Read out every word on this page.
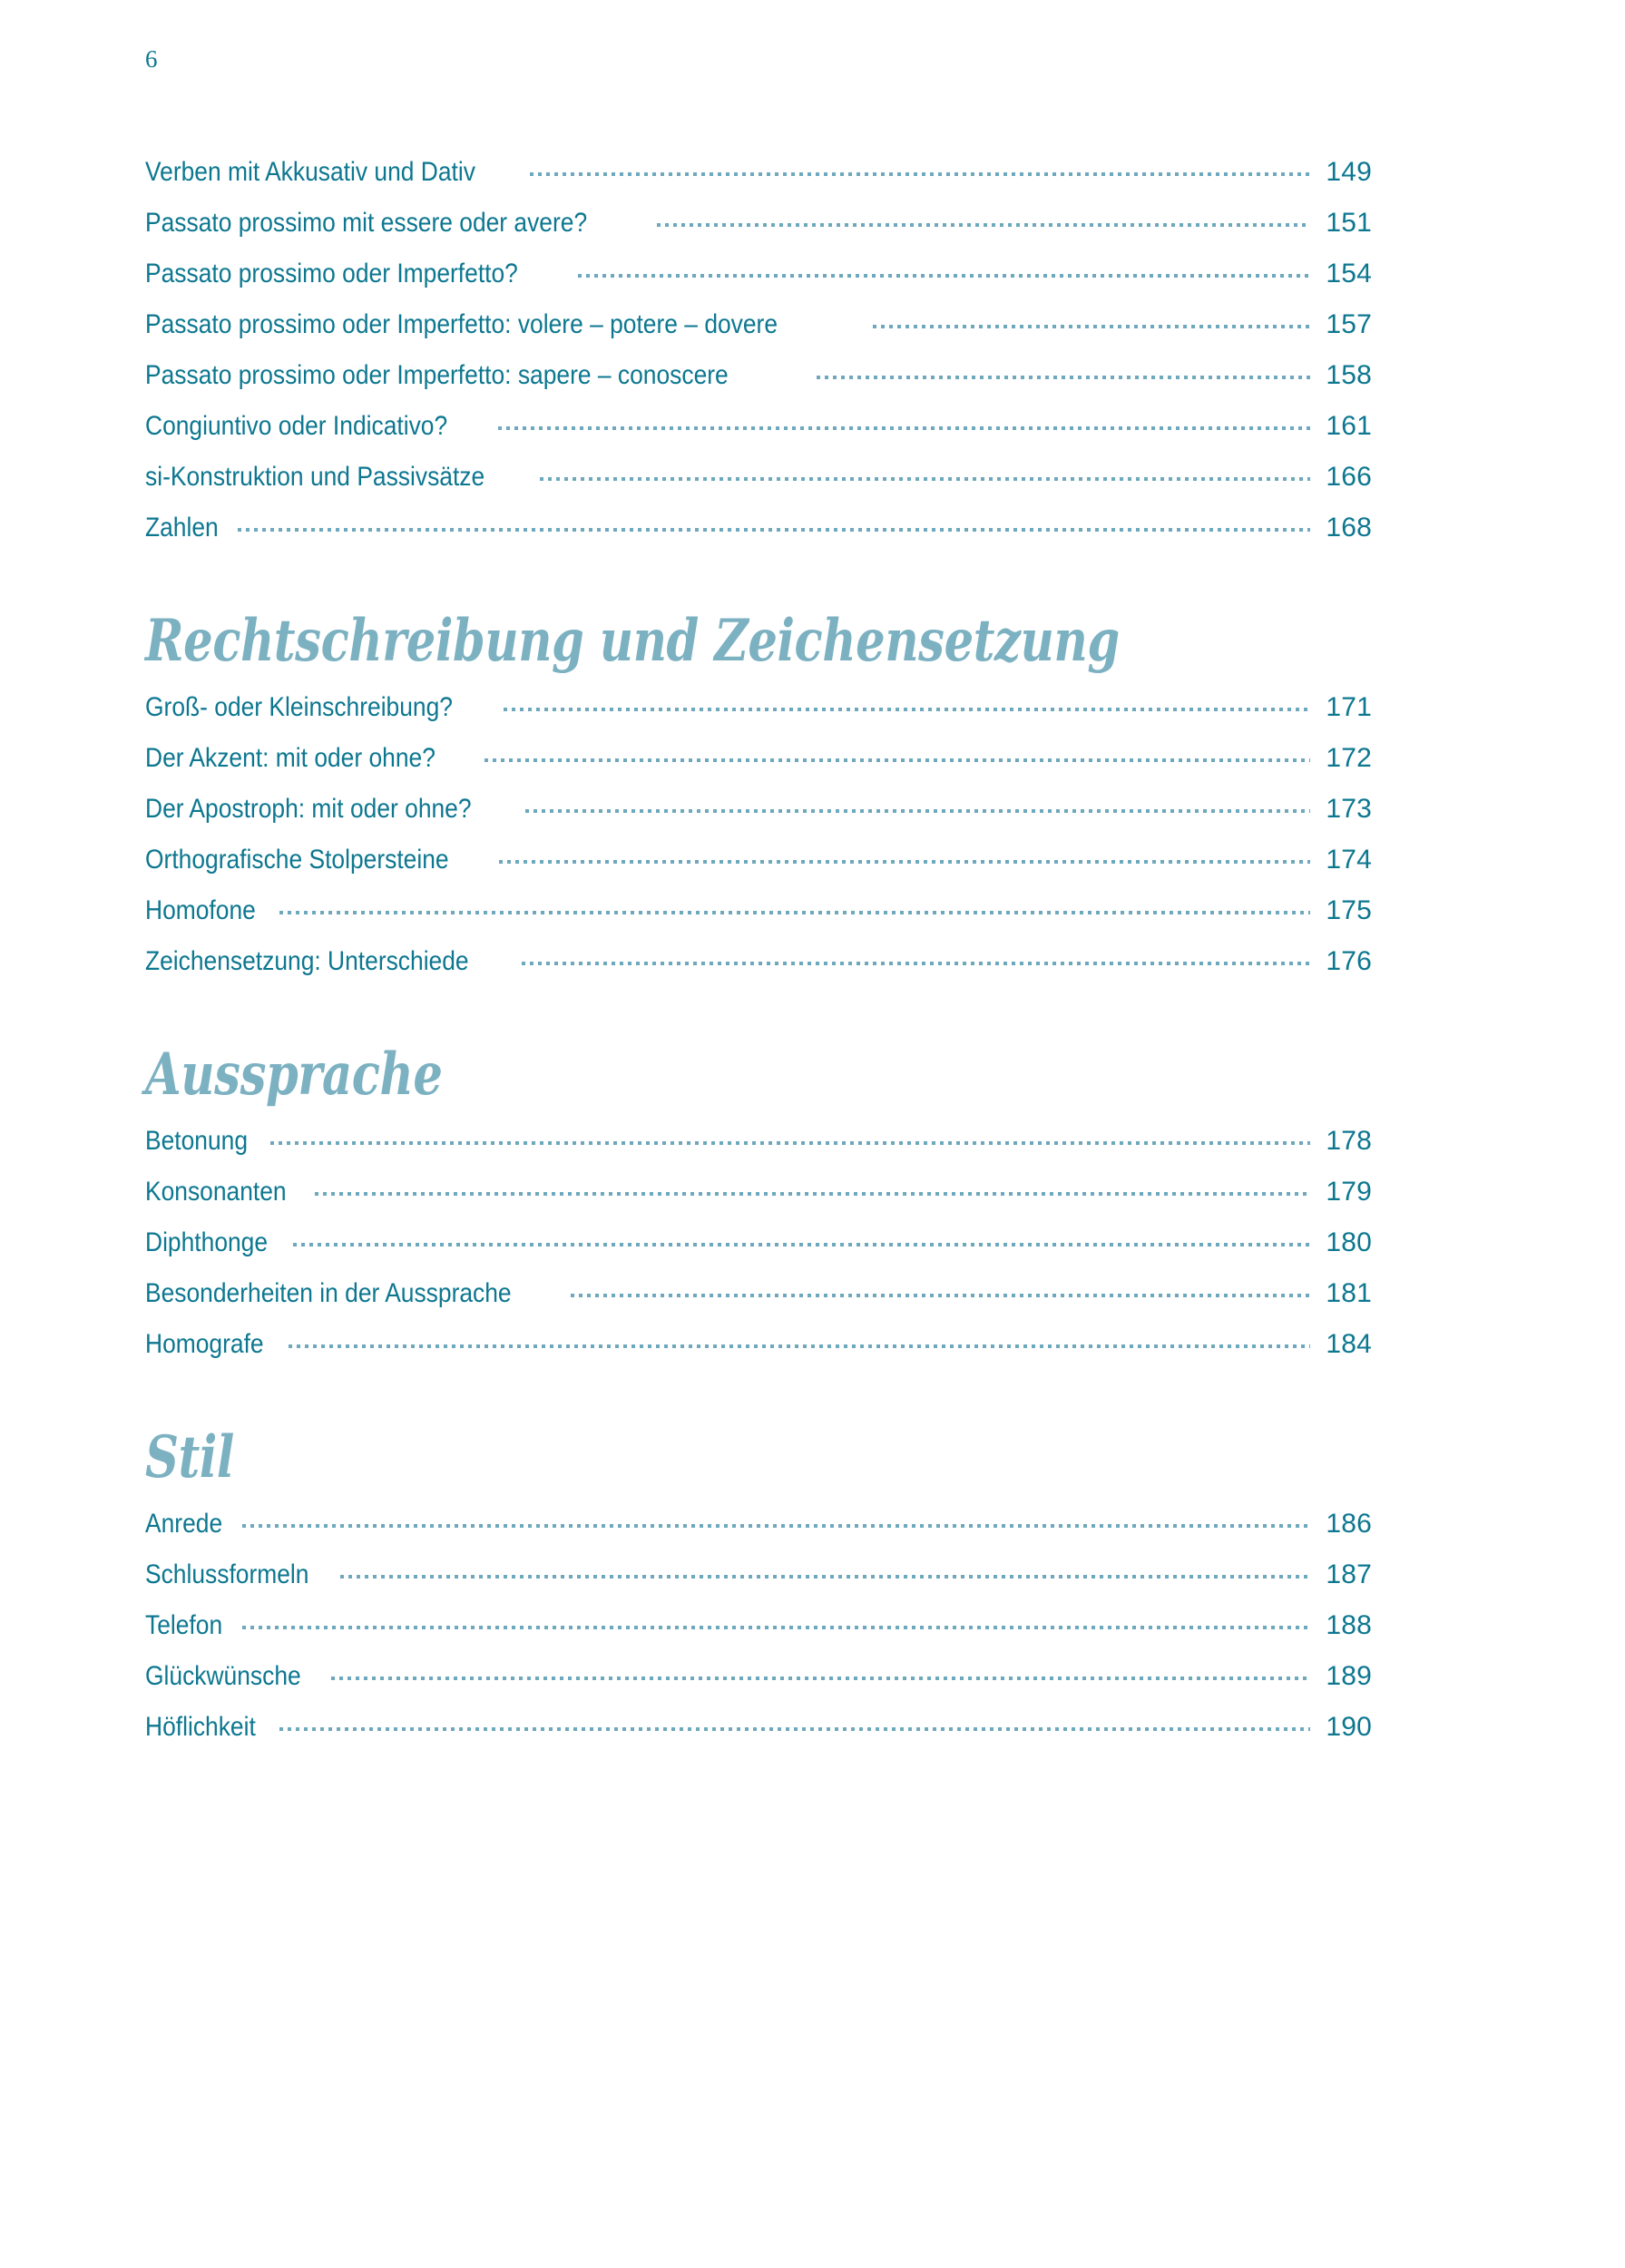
6
Verben mit Akkusativ und Dativ	149
Passato prossimo mit essere oder avere?	151
Passato prossimo oder Imperfetto?	154
Passato prossimo oder Imperfetto: volere – potere – dovere	157
Passato prossimo oder Imperfetto: sapere – conoscere	158
Congiuntivo oder Indicativo?	161
si-Konstruktion und Passivsätze	166
Zahlen	168
Rechtschreibung und Zeichensetzung
Groß- oder Kleinschreibung?	171
Der Akzent: mit oder ohne?	172
Der Apostroph: mit oder ohne?	173
Orthografische Stolpersteine	174
Homofone	175
Zeichensetzung: Unterschiede	176
Aussprache
Betonung	178
Konsonanten	179
Diphthonge	180
Besonderheiten in der Aussprache	181
Homografe	184
Stil
Anrede	186
Schlussformeln	187
Telefon	188
Glückwünsche	189
Höflichkeit	190
